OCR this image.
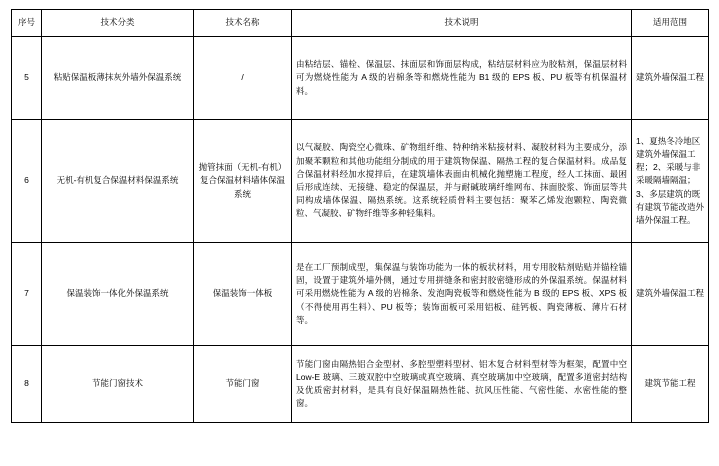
序号	技术分类	技术名称	技术说明	适用范围
5	粘贴保温板薄抹灰外墙外保温系统	/	由粘结层、锚栓、保温层、抹面层和饰面层构成，粘结层材料应为胶粘剂，保温层材料可为燃烧性能为 A 级的岩棉条等和燃烧性能为 B1 级的 EPS 板、PU 板等有机保温材料。	建筑外墙保温工程
6	无机-有机复合保温材料保温系统	抛管抹面（无机-有机）复合保温材料墙体保温系统	以气凝胶、陶瓷空心微珠、矿物组纤维、特种纳米粘接材料、凝胶材料为主要成分，添加聚苯颗粒和其他功能组分制成的用于建筑物保温、隔热工程的复合保温材料。成品复合保温材料经加水搅拌后，在建筑墙体表面由机械化抛塑施工程度，经人工抹面、最困后形成连续、无接缝、稳定的保温层，并与耐碱玻璃纤维网布、抹面胶浆、饰面层等共同构成墙体保温、隔热系统。这系统轻质骨料主要包括：聚苯乙烯发泡颗粒、陶瓷微粒、气凝胶、矿物纤维等多种轻集料。	1、夏热冬冷地区建筑外墙保温工程；2、采暖与非采暖隔墙隔温；3、多层建筑的既有建筑节能改造外墙外保温工程。
7	保温装饰一体化外保温系统	保温装饰一体板	是在工厂预制成型，集保温与装饰功能为一体的板状材料，用专用胶粘剂贴贴并锚栓锚固，设置于建筑外墙外侧，通过专用拼缝条和密封胶密缝形成的外保温系统。保温材料可采用燃烧性能为 A 级的岩棉条、发泡陶瓷板等和燃烧性能为 B 级的 EPS 板、XPS 板（不得使用再生料）、PU 板等；装饰面板可采用铝板、硅钙板、陶瓷薄板、薄片石材等。	建筑外墙保温工程
8	节能门窗技术	节能门窗	节能门窗由隔热铝合金型材、多腔型塑料型材、铝木复合材料型材等为框架，配置中空 Low-E 玻璃、三玻双腔中空玻璃或真空玻璃、真空玻璃加中空玻璃，配置多道密封结构及优质密封材料，是具有良好保温隔热性能、抗风压性能、气密性能、水密性能的整窗。	建筑节能工程
